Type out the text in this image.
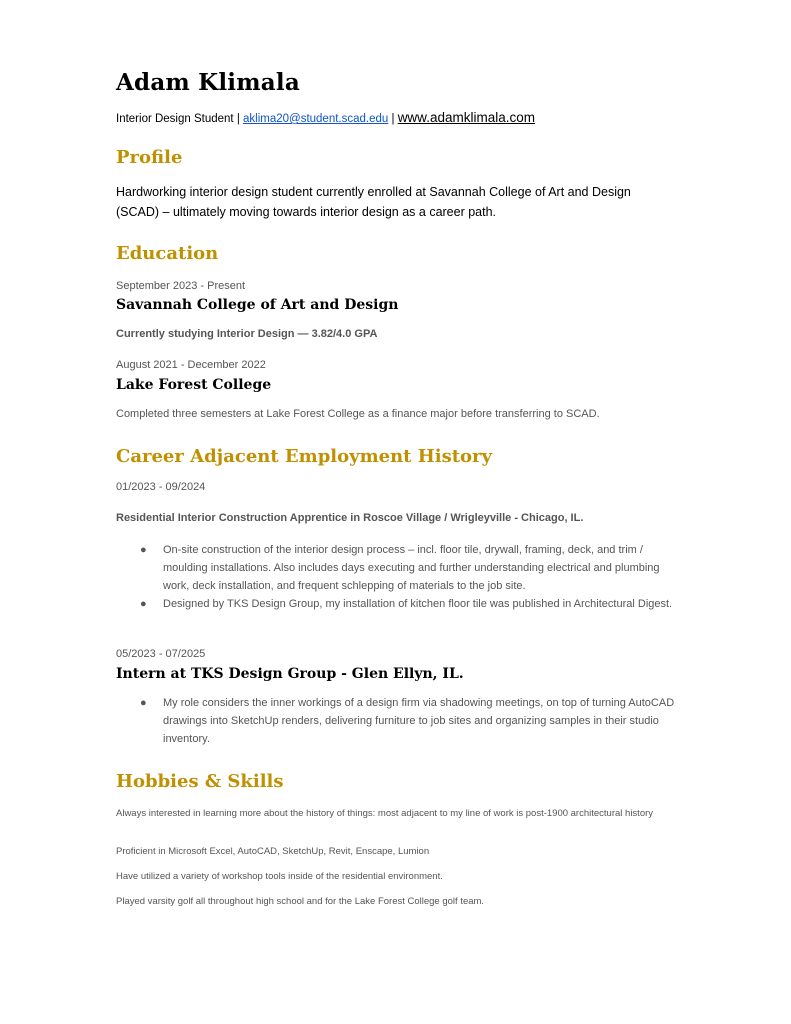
Adam Klimala
Interior Design Student | aklima20@student.scad.edu | www.adamklimala.com
Profile
Hardworking interior design student currently enrolled at Savannah College of Art and Design (SCAD) – ultimately moving towards interior design as a career path.
Education
September 2023 - Present
Savannah College of Art and Design
Currently studying Interior Design — 3.82/4.0 GPA
August 2021 - December 2022
Lake Forest College
Completed three semesters at Lake Forest College as a finance major before transferring to SCAD.
Career Adjacent Employment History
01/2023 - 09/2024
Residential Interior Construction Apprentice in Roscoe Village / Wrigleyville - Chicago, IL.
● On-site construction of the interior design process – incl. floor tile, drywall, framing, deck, and trim / moulding installations. Also includes days executing and further understanding electrical and plumbing work, deck installation, and frequent schlepping of materials to the job site.
● Designed by TKS Design Group, my installation of kitchen floor tile was published in Architectural Digest.
05/2023 - 07/2025
Intern at TKS Design Group - Glen Ellyn, IL.
● My role considers the inner workings of a design firm via shadowing meetings, on top of turning AutoCAD drawings into SketchUp renders, delivering furniture to job sites and organizing samples in their studio inventory.
Hobbies & Skills
Always interested in learning more about the history of things: most adjacent to my line of work is post-1900 architectural history
Proficient in Microsoft Excel, AutoCAD, SketchUp, Revit, Enscape, Lumion
Have utilized a variety of workshop tools inside of the residential environment.
Played varsity golf all throughout high school and for the Lake Forest College golf team.
